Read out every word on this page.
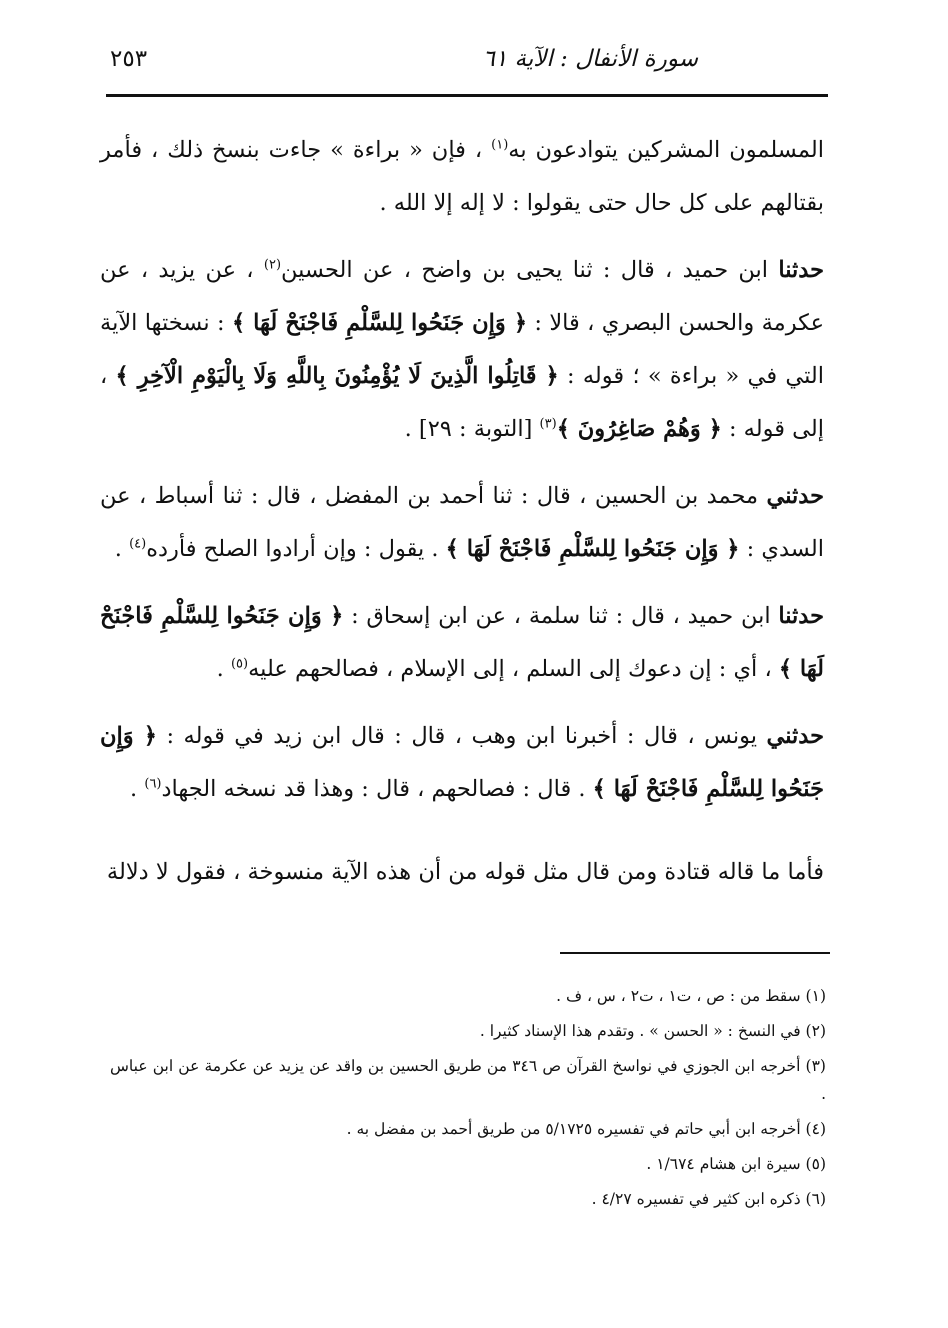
سورة الأنفال : الآية ٦١
٢٥٣

المسلمون المشركين يتوادعون به$^{(١)}$ ، فإن « براءة » جاءت بنسخ ذلك ، فأمر بقتالهم على كل حال حتى يقولوا : لا إله إلا الله .

حدثنا ابن حميد ، قال : ثنا يحيى بن واضح ، عن الحسين$^{(٢)}$ ، عن يزيد ، عن عكرمة والحسن البصري ، قالا : ﴿ وَإِن جَنَحُوا لِلسَّلْمِ فَاجْنَحْ لَهَا ﴾ : نسختها الآية التي في « براءة » ؛ قوله : ﴿ قَاتِلُوا الَّذِينَ لَا يُؤْمِنُونَ بِاللَّهِ وَلَا بِالْيَوْمِ الْآخِرِ ﴾ ، إلى قوله : ﴿ وَهُمْ صَاغِرُونَ ﴾$^{(٣)}$ [التوبة : ٢٩] .

حدثني محمد بن الحسين ، قال : ثنا أحمد بن المفضل ، قال : ثنا أسباط ، عن السدي : ﴿ وَإِن جَنَحُوا لِلسَّلْمِ فَاجْنَحْ لَهَا ﴾ . يقول : وإن أرادوا الصلح فأرده$^{(٤)}$ .

حدثنا ابن حميد ، قال : ثنا سلمة ، عن ابن إسحاق : ﴿ وَإِن جَنَحُوا لِلسَّلْمِ فَاجْنَحْ لَهَا ﴾ ، أي : إن دعوك إلى السلم ، إلى الإسلام ، فصالحهم عليه$^{(٥)}$ .

حدثني يونس ، قال : أخبرنا ابن وهب ، قال : قال ابن زيد في قوله : ﴿ وَإِن جَنَحُوا لِلسَّلْمِ فَاجْنَحْ لَهَا ﴾ . قال : فصالحهم ، قال : وهذا قد نسخه الجهاد$^{(٦)}$ .

فأما ما قاله قتادة ومن قال مثل قوله من أن هذه الآية منسوخة ، فقول لا دلالة

(١) سقط من : ص ، ت١ ، ت٢ ، س ، ف .
(٢) في النسخ : « الحسن » . وتقدم هذا الإسناد كثيرا .
(٣) أخرجه ابن الجوزي في نواسخ القرآن ص ٣٤٦ من طريق الحسين بن واقد عن يزيد عن عكرمة عن ابن عباس .
(٤) أخرجه ابن أبي حاتم في تفسيره ٥/١٧٢٥ من طريق أحمد بن مفضل به .
(٥) سيرة ابن هشام ١/٦٧٤ .
(٦) ذكره ابن كثير في تفسيره ٤/٢٧ .
